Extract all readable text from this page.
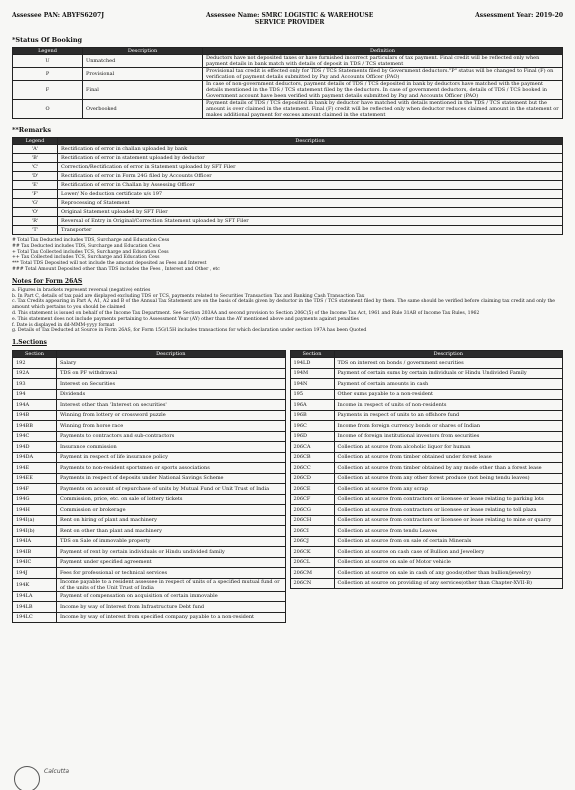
Assessee PAN: ABYFS6207J	Assessee Name: SMRC LOGISTIC & WAREHOUSE
SERVICE PROVIDER
Assessment Year: 2019-20
*Status Of Booking
Legend	Description	Definition
U	Unmatched	Deductors have not deposited taxes or have furnished incorrect particulars of tax payment. Final credit will be reflected only when payment details in bank match with details of deposit in TDS / TCS statement
P	Provisional	Provisional tax credit is effected only for TDS / TCS Statements filed by Government deductors."P" status will be changed to Final (F) on verification of payment details submitted by Pay and Accounts Officer (PAO)
F	Final	In case of non-government deductors, payment details of TDS / TCS deposited in bank by deductors have matched with the payment details mentioned in the TDS / TCS statement filed by the deductors. In case of government deductors, details of TDS / TCS booked in Government account have been verified with payment details submitted by Pay and Accounts Officer (PAO)
O	Overbooked	Payment details of TDS / TCS deposited in bank by deductor have matched with details mentioned in the TDS / TCS statement but the amount is over claimed in the statement. Final (F) credit will be reflected only when deductor reduces claimed amount in the statement or makes additional payment for excess amount claimed in the statement
**Remarks
Legend	Description
'A'	Rectification of error in challan uploaded by bank
'B'	Rectification of error in statement uploaded by deductor
'C'	Correction/Rectification of error in Statement uploaded by SFT Filer
'D'	Rectification of error in Form 24G filed by Accounts Officer
'E'	Rectification of error in Challan by Assessing Officer
'F'	Lower/ No deduction certificate u/s 197
'G'	Reprocessing of Statement
'O'	Original Statement uploaded by SFT Filer
'R'	Reversal of Entry in Original/Correction Statement uploaded by SFT Filer
'T'	Transporter
# Total Tax Deducted includes TDS, Surcharge and Education Cess
## Tax Deducted includes TDS, Surcharge and Education Cess
+ Total Tax Collected includes TCS, Surcharge and Education Cess
++ Tax Collected includes TCS, Surcharge and Education Cess
*** Total TDS Deposited will not include the amount deposited as Fees and Interest
### Total Amount Deposited other than TDS includes the Fees , Interest and Other , etc
Notes for Form 26AS
a. Figures in brackets represent reversal (negative) entries
b. In Part C, details of tax paid are displayed excluding TDS or TCS, payments related to Securities Transaction Tax and Banking Cash Transaction Tax
c. Tax Credits appearing in Part A, A1, A2 and B of the Annual Tax Statement are on the basis of details given by deductor in the TDS / TCS statement filed by them. The same should be verified before claiming tax credit and only the amount which pertains to you should be claimed
d. This statement is issued on behalf of the Income Tax Department. See Section 203AA and second provision to Section 206C(5) of the Income Tax Act, 1961 and Rule 31AB of Income Tax Rules, 1962
e. This statement does not include payments pertaining to Assessment Year (AY) other than the AY mentioned above and payments against penalties
f. Date is displayed in dd-MMM-yyyy format
g. Details of Tax Deducted at Source in Form 26AS, for Form 15G/15H includes transactions for which declaration under section 197A has been Quoted
1.Sections
Section	Description
192	Salary
192A	TDS on PF withdrawal
193	Interest on Securities
194	Dividends
194A	Interest other than 'Interest on securities'
194B	Winning from lottery or crossword puzzle
194BB	Winning from horse race
194C	Payments to contractors and sub-contractors
194D	Insurance commission
194DA	Payment in respect of life insurance policy
194E	Payments to non-resident sportsmen or sports associations
194EE	Payments in respect of deposits under National Savings Scheme
194F	Payments on account of repurchase of units by Mutual Fund or Unit Trust of India
194G	Commission, price, etc. on sale of lottery tickets
194H	Commission or brokerage
194I(a)	Rent on hiring of plant and machinery
194I(b)	Rent on other than plant and machinery
194IA	TDS on Sale of immovable property
194IB	Payment of rent by certain individuals or Hindu undivided family
194IC	Payment under specified agreement
194J	Fees for professional or technical services
194K	Income payable to a resident assessee in respect of units of a specified mutual fund or of the units of the Unit Trust of India
194LA	Payment of compensation on acquisition of certain immovable
194LB	Income by way of Interest from Infrastructure Debt fund
194LC	Income by way of interest from specified company payable to a non-resident
Section	Description
194LD	TDS on interest on bonds / government securities
194M	Payment of certain sums by certain individuals or Hindu Undivided Family
194N	Payment of certain amounts in cash
195	Other sums payable to a non-resident
196A	Income in respect of units of non-residents
196B	Payments in respect of units to an offshore fund
196C	Income from foreign currency bonds or shares of Indian
196D	Income of foreign institutional investors from securities
206CA	Collection at source from alcoholic liquor for human
206CB	Collection at source from timber obtained under forest lease
206CC	Collection at source from timber obtained by any mode other than a forest lease
206CD	Collection at source from any other forest produce (not being tendu leaves)
206CE	Collection at source from any scrap
206CF	Collection at source from contractors or licensee or lease relating to parking lots
206CG	Collection at source from contractors or licensee or lease relating to toll plaza
206CH	Collection at source from contractors or licensee or lease relating to mine or quarry
206CI	Collection at source from tendu Leaves
206CJ	Collection at source from on sale of certain Minerals
206CK	Collection at source on cash case of Bullion and Jewellery
206CL	Collection at source on sale of Motor vehicle
206CM	Collection at source on sale in cash of any goods(other than bullion/jewelry)
206CN	Collection at source on providing of any services(other than Chapter-XVII-B)
Calcutta
